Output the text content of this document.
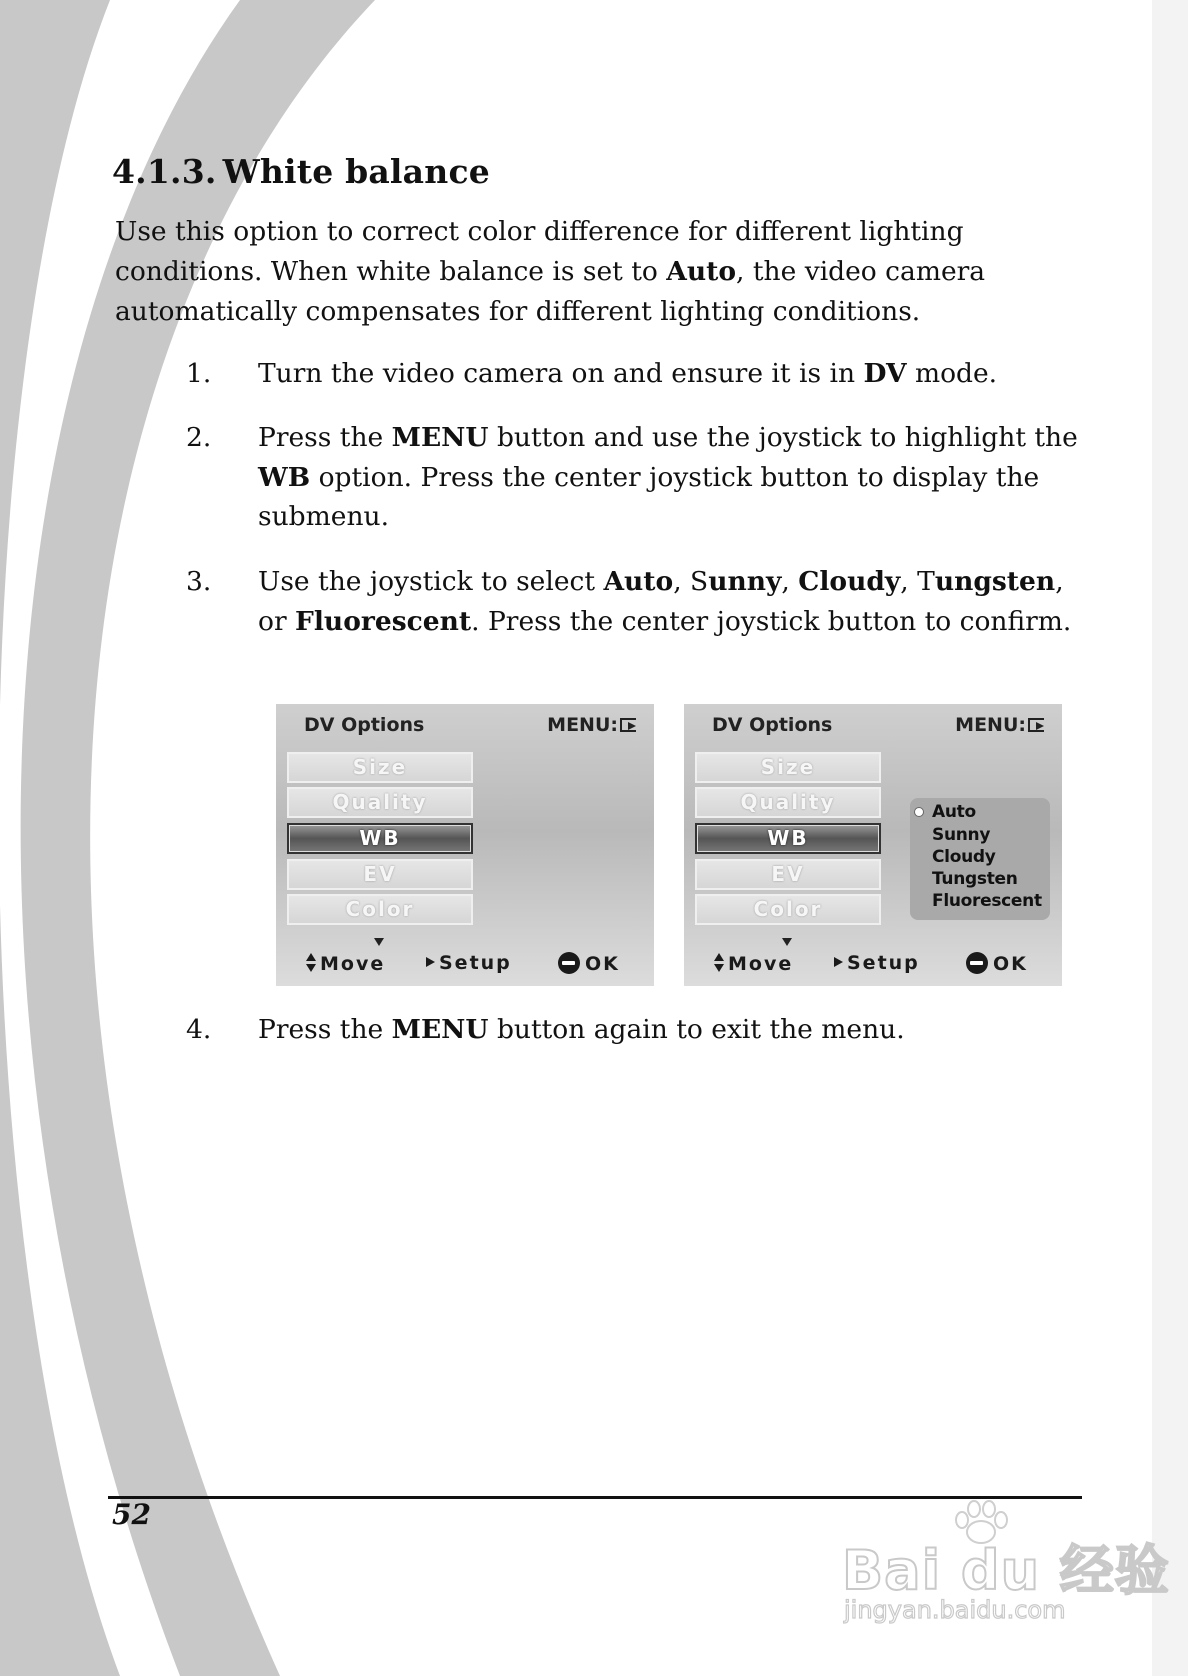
4.1.3. White balance

Use this option to correct color difference for different lighting conditions. When white balance is set to Auto, the video camera automatically compensates for different lighting conditions.

1. Turn the video camera on and ensure it is in DV mode.
2. Press the MENU button and use the joystick to highlight the WB option. Press the center joystick button to display the submenu.
3. Use the joystick to select Auto, Sunny, Cloudy, Tungsten, or Fluorescent. Press the center joystick button to confirm.
4. Press the MENU button again to exit the menu.
DV Options	MENU:
Size
Quality
WB
EV
Color
Move	Setup	OK
DV Options	MENU:
Size
Quality
WB
EV
Color
Auto
Sunny
Cloudy
Tungsten
Fluorescent
Move	Setup	OK
52
Bai du 经验
jingyan.baidu.com
